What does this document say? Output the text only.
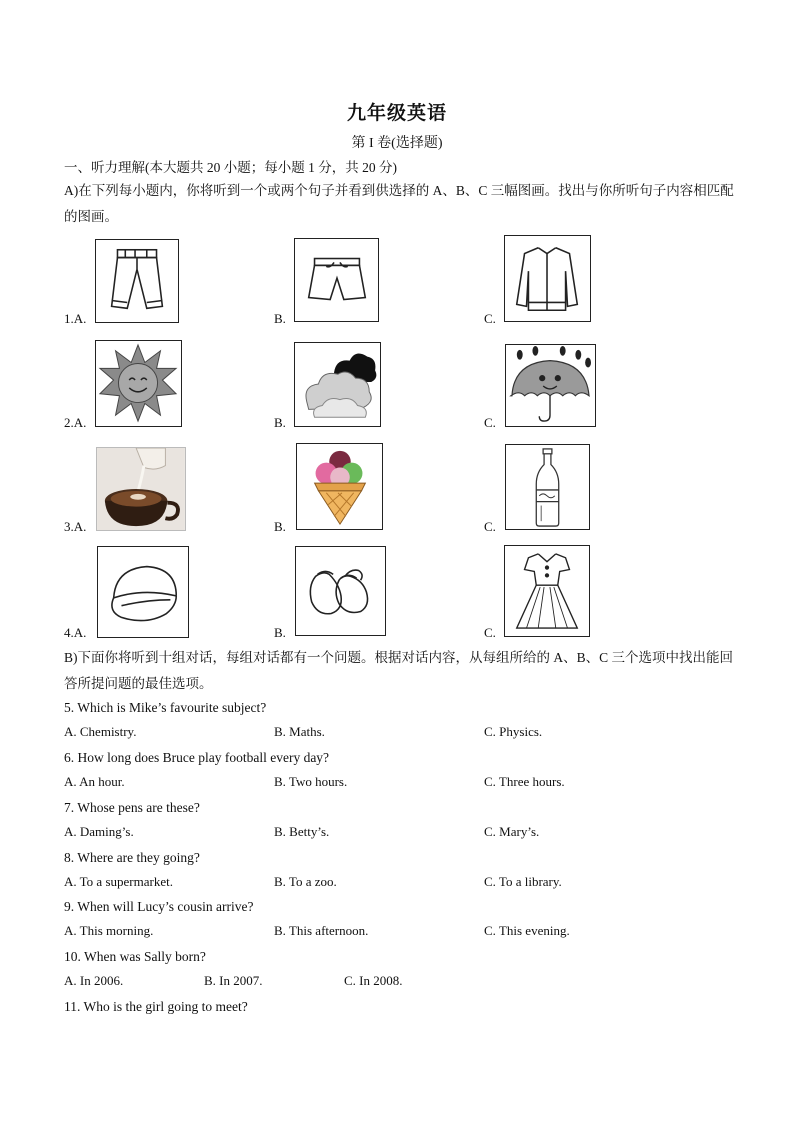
九年级英语
第 I 卷(选择题)
一、听力理解(本大题共 20 小题；每小题 1 分，共 20 分)
A)在下列每小题内，你将听到一个或两个句子并看到供选择的 A、B、C 三幅图画。找出与你所听句子内容相匹配的图画。
1.A.	B.	C.
2.A.	B.	C.
3.A.	B.	C.
4.A.	B.	C.
B)下面你将听到十组对话，每组对话都有一个问题。根据对话内容，从每组所给的 A、B、C 三个选项中找出能回答所提问题的最佳选项。
5. Which is Mike’s favourite subject?
A. Chemistry.	B. Maths.	C. Physics.
6. How long does Bruce play football every day?
A. An hour.	B. Two hours.	C. Three hours.
7. Whose pens are these?
A. Daming’s.	B. Betty’s.	C. Mary’s.
8. Where are they going?
A. To a supermarket.	B. To a zoo.	C. To a library.
9. When will Lucy’s cousin arrive?
A. This morning.	B. This afternoon.	C. This evening.
10. When was Sally born?
A. In 2006.	B. In 2007.	C. In 2008.
11. Who is the girl going to meet?
